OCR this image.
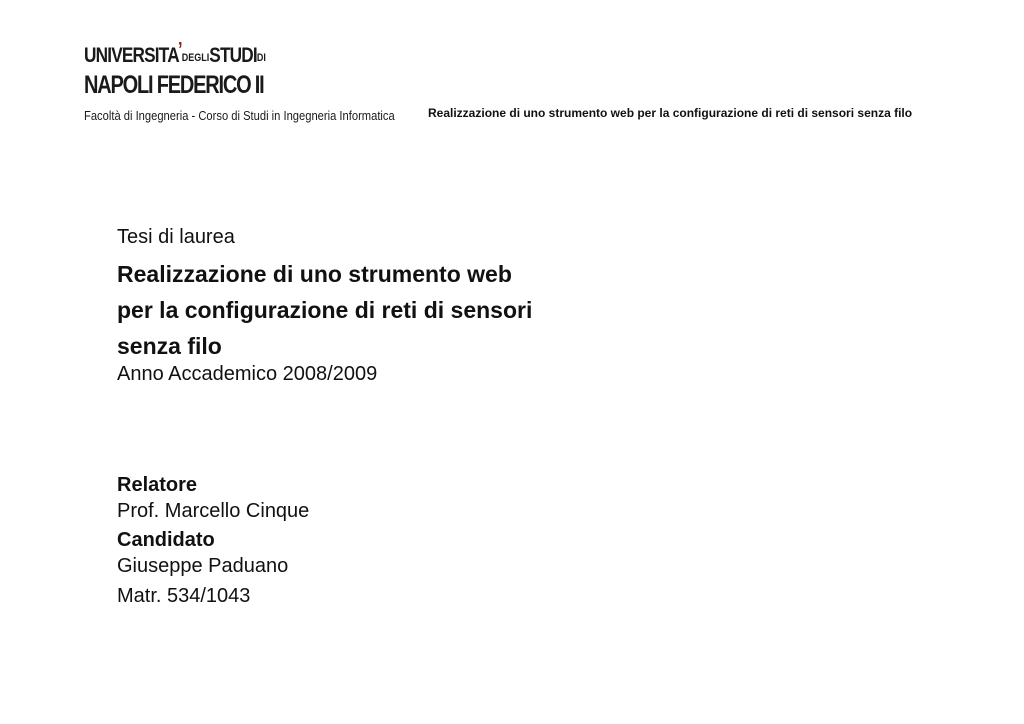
UNIVERSITA’DEGLISTUDIDI
NAPOLI FEDERICO II
Facoltà di Ingegneria - Corso di Studi in Ingegneria Informatica	Realizzazione di uno strumento web per la configurazione di reti di sensori senza filo
Tesi di laurea
Realizzazione di uno strumento web
per la configurazione di reti di sensori
senza filo
Anno Accademico 2008/2009
Relatore
Prof. Marcello Cinque
Candidato
Giuseppe Paduano
Matr. 534/1043
